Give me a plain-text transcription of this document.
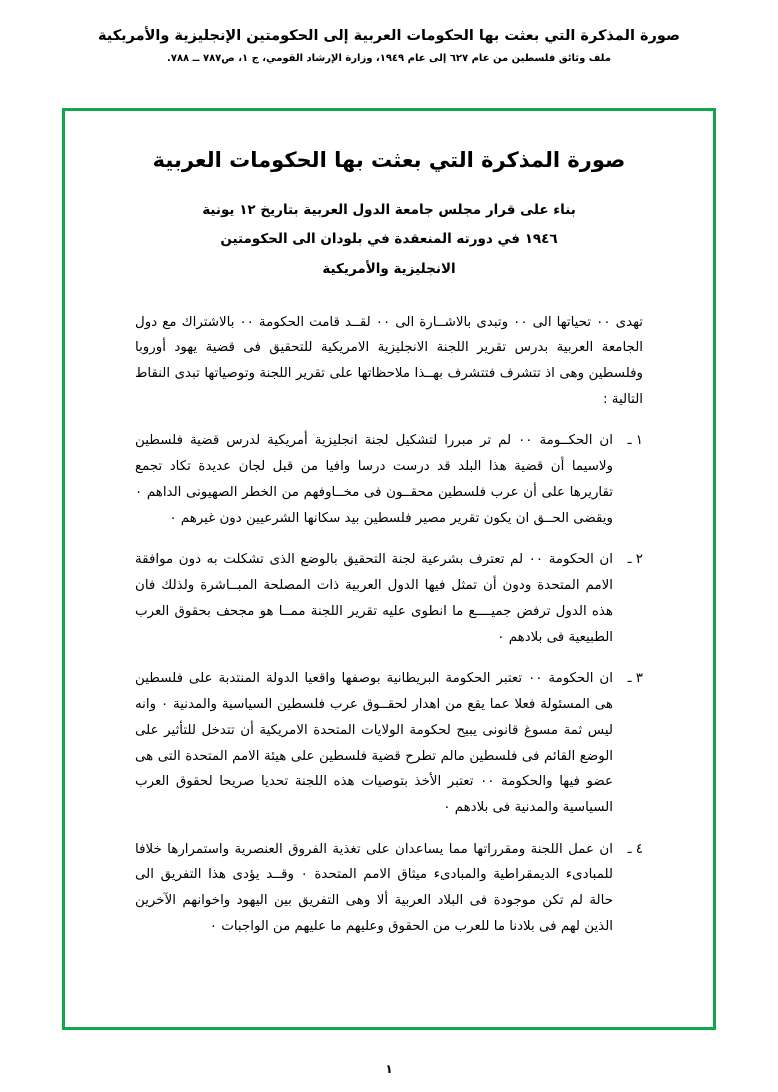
صورة المذكرة التي بعثت بها الحكومات العربية إلى الحكومتين الإنجليزية والأمريكية
ملف وثائق فلسطين من عام ٦٢٧ إلى عام ١٩٤٩، وزارة الإرشاد القومي، ج ١، ص٧٨٧ ــ ٧٨٨.
صورة المذكرة التي بعثت بها الحكومات العربية
بناء على قرار مجلس جامعة الدول العربية بتاريخ ١٢ يونية
١٩٤٦ في دورته المنعقدة في بلودان الى الحكومتين
الانجليزية والأمريكية

تهدى ٠٠ تحياتها الى ٠٠ وتبدى بالاشــارة الى ٠٠ لقــد قامت الحكومة ٠٠ بالاشتراك مع دول الجامعة العربية بدرس تقرير اللجنة الانجليزية الامريكية للتحقيق فى قضية يهود أوروبا وفلسطين وهى اذ تتشرف فتتشرف بهــذا ملاحظاتها على تقرير اللجنة وتوصياتها تبدى النقاط التالية :

١ ـ

ان الحكــومة ٠٠ لم تر مبررا لتشكيل لجنة انجليزية أمريكية لدرس قضية فلسطين ولاسيما أن قضية هذا البلد قد درست درسا وافيا من قبل لجان عديدة تكاد تجمع تقاريرها على أن عرب فلسطين محقــون فى مخــاوفهم من الخطر الصهيونى الداهم ٠ ويقضى الحــق ان يكون تقرير مصير فلسطين بيد سكانها الشرعيين دون غيرهم ٠

٢ ـ

ان الحكومة ٠٠ لم تعترف بشرعية لجنة التحقيق بالوضع الذى تشكلت به دون موافقة الامم المتحدة ودون أن تمثل فيها الدول العربية ذات المصلحة المبــاشرة ولذلك فان هذه الدول ترفض جميــــع ما انطوى عليه تقرير اللجنة ممــا هو مجحف بحقوق العرب الطبيعية فى بلادهم ٠

٣ ـ

ان الحكومة ٠٠ تعتبر الحكومة البريطانية بوصفها واقعيا الدولة المنتدبة على فلسطين هى المسئولة فعلا عما يقع من اهدار لحقــوق عرب فلسطين السياسية والمدنية ٠ وانه ليس ثمة مسوغ قانونى يبيح لحكومة الولايات المتحدة الامريكية أن تتدخل للتأثير على الوضع القائم فى فلسطين مالم تطرح قضية فلسطين على هيئة الامم المتحدة التى هى عضو فيها والحكومة ٠٠ تعتبر الأخذ بتوصيات هذه اللجنة تحديا صريحا لحقوق العرب السياسية والمدنية فى بلادهم ٠

٤ ـ

ان عمل اللجنة ومقرراتها مما يساعدان على تغذية الفروق العنصرية واستمرارها خلافا للمبادىء الديمقراطية والمبادىء ميثاق الامم المتحدة ٠ وقــد يؤدى هذا التفريق الى حالة لم تكن موجودة فى البلاد العربية ألا وهى التفريق بين اليهود واخوانهم الآخرين الذين لهم فى بلادنا ما للعرب من الحقوق وعليهم ما عليهم من الواجبات ٠

١
